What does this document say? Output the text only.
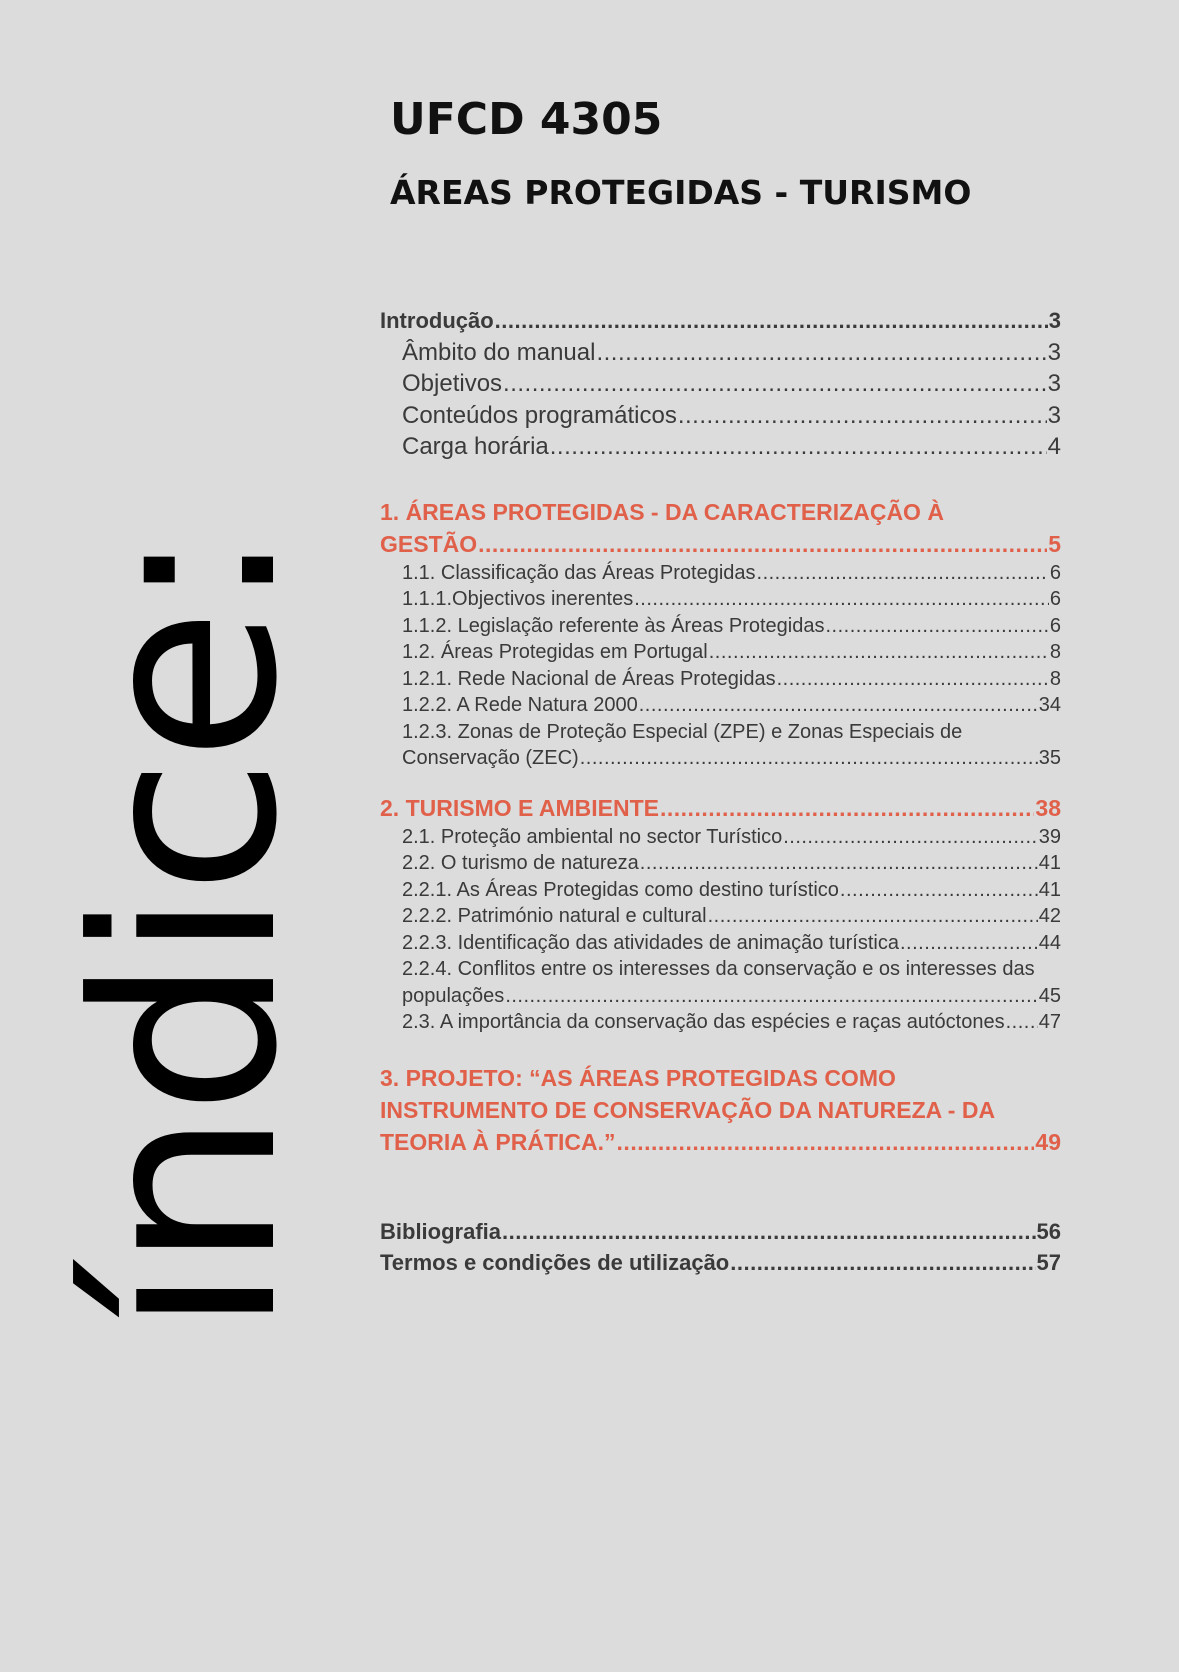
índice:
UFCD 4305
ÁREAS PROTEGIDAS - TURISMO
Introdução .....	3
Âmbito do manual .....	3
Objetivos .....	3
Conteúdos programáticos .....	3
Carga horária .....	4
1. ÁREAS PROTEGIDAS - DA CARACTERIZAÇÃO À
GESTÃO .....	5
1.1. Classificação das Áreas Protegidas .....	6
1.1.1.Objectivos inerentes .....	6
1.1.2. Legislação referente às Áreas Protegidas .....	6
1.2. Áreas Protegidas em Portugal .....	8
1.2.1. Rede Nacional de Áreas Protegidas .....	8
1.2.2. A Rede Natura 2000 .....	34
1.2.3. Zonas de Proteção Especial (ZPE) e Zonas Especiais de
Conservação (ZEC) .....	35
2. TURISMO E AMBIENTE .....	38
2.1. Proteção ambiental no sector Turístico .....	39
2.2. O turismo de natureza .....	41
2.2.1. As Áreas Protegidas como destino turístico .....	41
2.2.2. Património natural e cultural .....	42
2.2.3. Identificação das atividades de animação turística .....	44
2.2.4. Conflitos entre os interesses da conservação e os interesses das
populações .....	45
2.3. A importância da conservação das espécies e raças autóctones ..... 47
3. PROJETO: “AS ÁREAS PROTEGIDAS COMO
INSTRUMENTO DE CONSERVAÇÃO DA NATUREZA - DA
TEORIA À PRÁTICA.” .....	49
Bibliografia .....	56
Termos e condições de utilização .....	57
